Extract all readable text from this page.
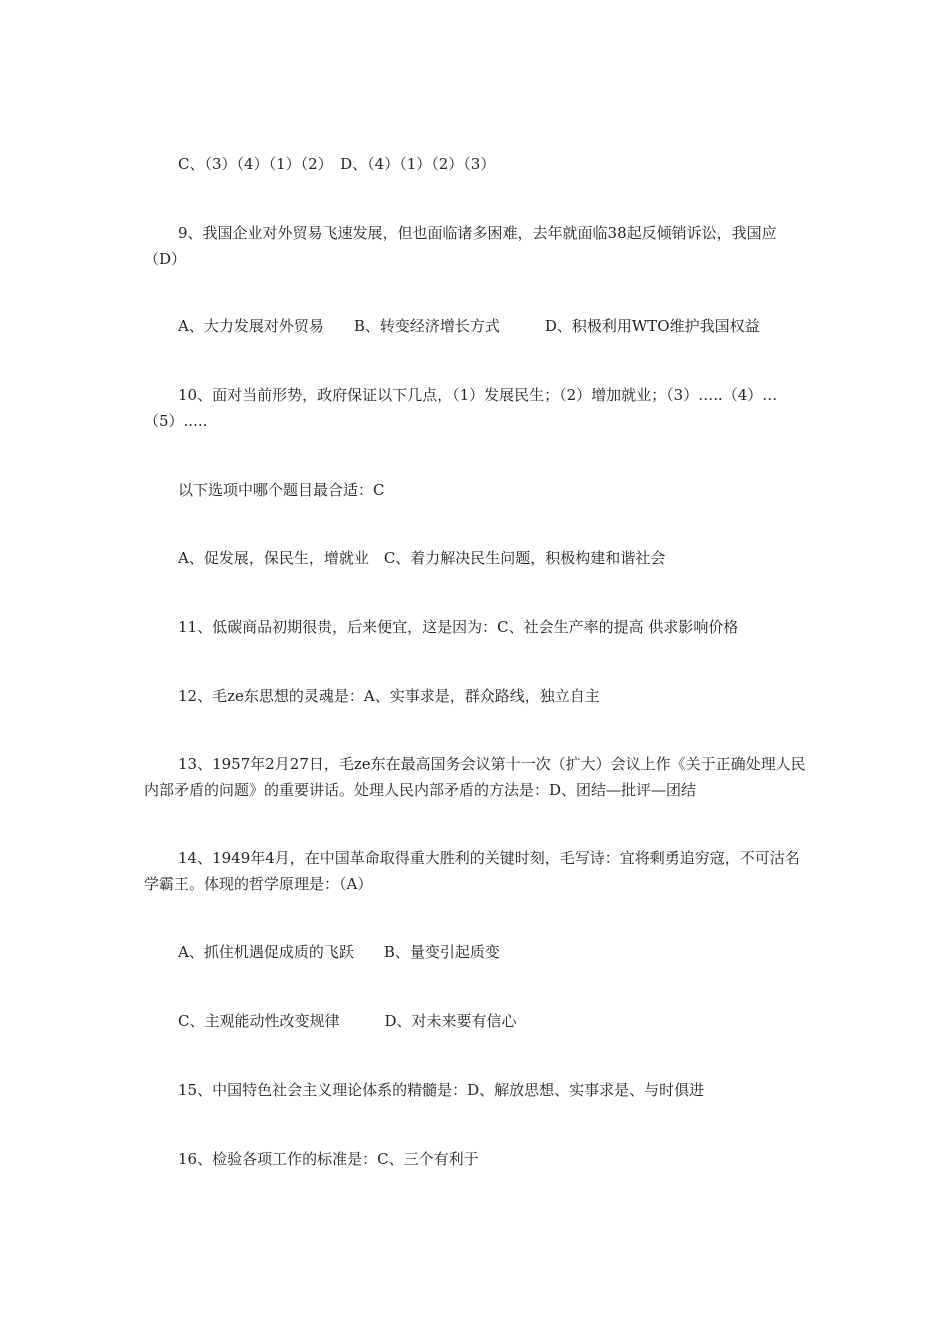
C、（3）（4）（1）（2）　D、（4）（1）（2）（3）

9、我国企业对外贸易飞速发展，但也面临诸多困难，去年就面临38起反倾销诉讼，我国应（D）

A、大力发展对外贸易　　B、转变经济增长方式　　　D、积极利用WTO维护我国权益

10、面对当前形势，政府保证以下几点，（1）发展民生；（2）增加就业；（3）…..（4）…（5）.....

以下选项中哪个题目最合适：C

A、促发展，保民生，增就业　C、着力解决民生问题，积极构建和谐社会

11、低碳商品初期很贵，后来便宜，这是因为：C、社会生产率的提高 供求影响价格

12、毛ze东思想的灵魂是：A、实事求是，群众路线，独立自主

13、1957年2月27日，毛ze东在最高国务会议第十一次（扩大）会议上作《关于正确处理人民内部矛盾的问题》的重要讲话。处理人民内部矛盾的方法是：D、团结—批评—团结

14、1949年4月，在中国革命取得重大胜利的关键时刻，毛写诗：宜将剩勇追穷寇，不可沽名学霸王。体现的哲学原理是：（A）

A、抓住机遇促成质的飞跃　　B、量变引起质变

C、主观能动性改变规律　　　D、对未来要有信心

15、中国特色社会主义理论体系的精髓是：D、解放思想、实事求是、与时俱进

16、检验各项工作的标准是：C、三个有利于
